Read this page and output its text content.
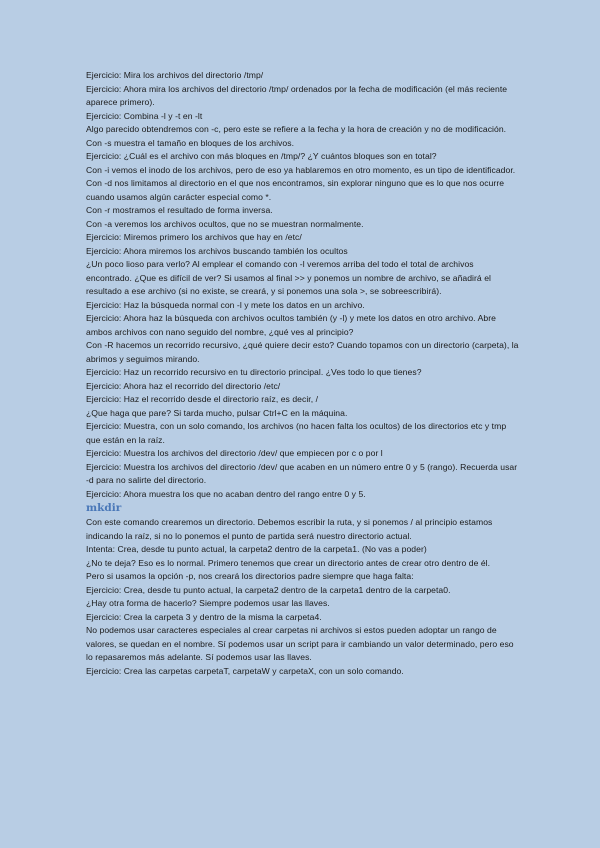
Ejercicio: Mira los archivos del directorio /tmp/

Ejercicio: Ahora mira los archivos del directorio /tmp/ ordenados por la fecha de modificación (el más reciente aparece primero).

Ejercicio: Combina -l y -t en -lt

Algo parecido obtendremos con -c, pero este se refiere a la fecha y la hora de creación y no de modificación.

Con -s muestra el tamaño en bloques de los archivos.

Ejercicio: ¿Cuál es el archivo con más bloques en /tmp/? ¿Y cuántos bloques son en total?

Con -i vemos el inodo de los archivos, pero de eso ya hablaremos en otro momento, es un tipo de identificador.

Con -d nos limitamos al directorio en el que nos encontramos, sin explorar ninguno que es lo que nos ocurre cuando usamos algún carácter especial como *.

Con -r mostramos el resultado de forma inversa.

Con -a veremos los archivos ocultos, que no se muestran normalmente.

Ejercicio: Miremos primero los archivos que hay en /etc/

Ejercicio: Ahora miremos los archivos buscando también los ocultos

¿Un poco lioso para verlo? Al emplear el comando con -l veremos arriba del todo el total de archivos encontrado. ¿Que es difícil de ver? Si usamos al final >> y ponemos un nombre de archivo, se añadirá el resultado a ese archivo (si no existe, se creará, y si ponemos una sola >, se sobreescribirá).

Ejercicio: Haz la búsqueda normal con -l y mete los datos en un archivo.

Ejercicio: Ahora haz la búsqueda con archivos ocultos también (y -l) y mete los datos en otro archivo. Abre ambos archivos con nano seguido del nombre, ¿qué ves al principio?

Con -R hacemos un recorrido recursivo, ¿qué quiere decir esto? Cuando topamos con un directorio (carpeta), la abrimos y seguimos mirando.

Ejercicio: Haz un recorrido recursivo en tu directorio principal. ¿Ves todo lo que tienes?

Ejercicio: Ahora haz el recorrido del directorio /etc/

Ejercicio: Haz el recorrido desde el directorio raíz, es decir, /

¿Que haga que pare? Si tarda mucho, pulsar Ctrl+C en la máquina.

Ejercicio: Muestra, con un solo comando, los archivos (no hacen falta los ocultos) de los directorios etc y tmp que están en la raíz.

Ejercicio: Muestra los archivos del directorio /dev/ que empiecen por c o por l

Ejercicio: Muestra los archivos del directorio /dev/ que acaben en un número entre 0 y 5 (rango). Recuerda usar -d para no salirte del directorio.

Ejercicio: Ahora muestra los que no acaban dentro del rango entre 0 y 5.

mkdir

Con este comando crearemos un directorio. Debemos escribir la ruta, y si ponemos / al principio estamos indicando la raíz, si no lo ponemos el punto de partida será nuestro directorio actual.

Intenta: Crea, desde tu punto actual, la carpeta2 dentro de la carpeta1. (No vas a poder)

¿No te deja? Eso es lo normal. Primero tenemos que crear un directorio antes de crear otro dentro de él.

Pero si usamos la opción -p, nos creará los directorios padre siempre que haga falta:

Ejercicio: Crea, desde tu punto actual, la carpeta2 dentro de la carpeta1 dentro de la carpeta0.

¿Hay otra forma de hacerlo? Siempre podemos usar las llaves.

Ejercicio: Crea la carpeta 3 y dentro de la misma la carpeta4.

No podemos usar caracteres especiales al crear carpetas ni archivos si estos pueden adoptar un rango de valores, se quedan en el nombre. Sí podemos usar un script para ir cambiando un valor determinado, pero eso lo repasaremos más adelante. Sí podemos usar las llaves.

Ejercicio: Crea las carpetas carpetaT, carpetaW y carpetaX, con un solo comando.
